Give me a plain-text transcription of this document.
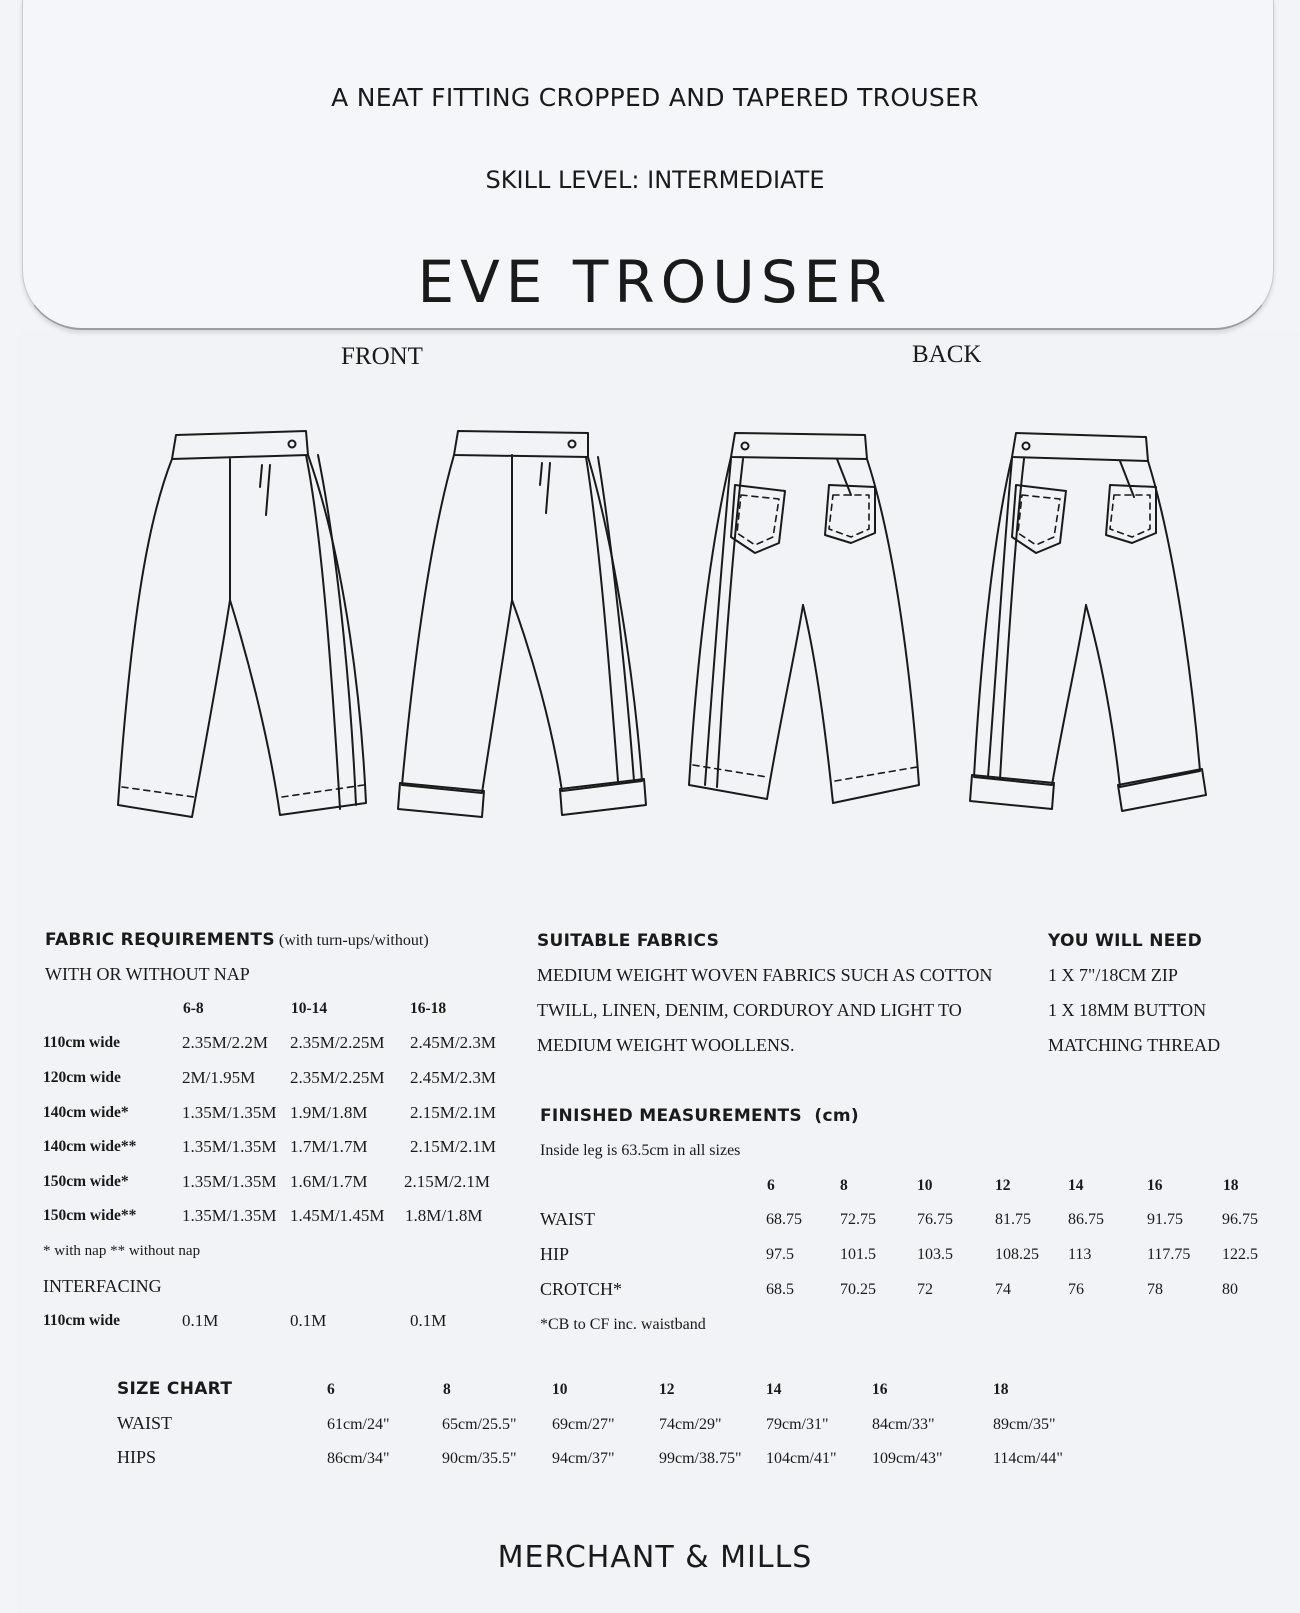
A NEAT FITTING CROPPED AND TAPERED TROUSER
SKILL LEVEL: INTERMEDIATE
EVE TROUSER
FRONT	BACK
FABRIC REQUIREMENTS (with turn-ups/without)
WITH OR WITHOUT NAP
6-8	10-14	16-18
110cm wide	2.35M/2.2M 2.35M/2.25M 2.45M/2.3M
120cm wide	2M/1.95M 2.35M/2.25M 2.45M/2.3M
140cm wide*	1.35M/1.35M 1.9M/1.8M	2.15M/2.1M
140cm wide**	1.35M/1.35M 1.7M/1.7M	2.15M/2.1M
150cm wide*	1.35M/1.35M 1.6M/1.7M 2.15M/2.1M
150cm wide**	1.35M/1.35M 1.45M/1.45M 1.8M/1.8M
* with nap ** without nap
INTERFACING
110cm wide	0.1M	0.1M	0.1M
SUITABLE FABRICS
MEDIUM WEIGHT WOVEN FABRICS SUCH AS COTTON
TWILL, LINEN, DENIM, CORDUROY AND LIGHT TO
MEDIUM WEIGHT WOOLLENS.
YOU WILL NEED
1 X 7"/18CM ZIP
1 X 18MM BUTTON
MATCHING THREAD
FINISHED MEASUREMENTS (cm)
Inside leg is 63.5cm in all sizes
6	8	10	12	14	16	18
WAIST	68.75 72.75	76.75	81.75 86.75	91.75 96.75
HIP	97.5	101.5	103.5	108.25 113	117.75 122.5
CROTCH*	68.5	70.25	72	74	76	78	80
*CB to CF inc. waistband
SIZE CHART	6	8	10	12	14	16	18
WAIST	61cm/24"	65cm/25.5" 69cm/27"	74cm/29"	79cm/31"	84cm/33"	89cm/35"
HIPS	86cm/34"	90cm/35.5" 94cm/37"	99cm/38.75" 104cm/41" 109cm/43"	114cm/44"
MERCHANT & MILLS
